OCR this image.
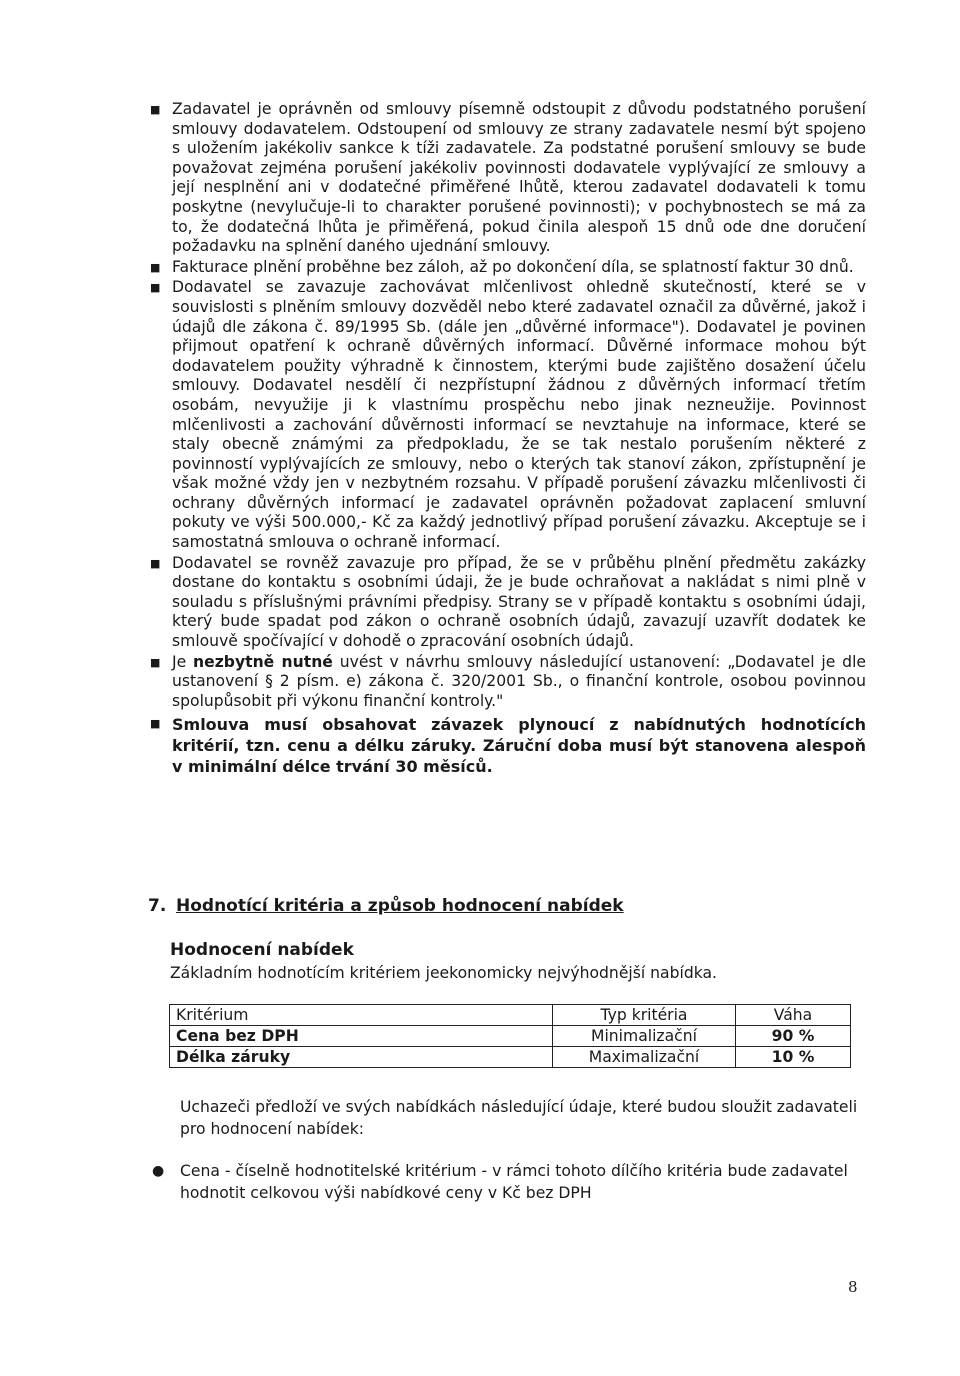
■ Zadavatel je oprávněn od smlouvy písemně odstoupit z důvodu podstatného porušení smlouvy dodavatelem. Odstoupení od smlouvy ze strany zadavatele nesmí být spojeno s uložením jakékoliv sankce k tíži zadavatele. Za podstatné porušení smlouvy se bude považovat zejména porušení jakékoliv povinnosti dodavatele vyplývající ze smlouvy a její nesplnění ani v dodatečné přiměřené lhůtě, kterou zadavatel dodavateli k tomu poskytne (nevylučuje-li to charakter porušené povinnosti); v pochybnostech se má za to, že dodatečná lhůta je přiměřená, pokud činila alespoň 15 dnů ode dne doručení požadavku na splnění daného ujednání smlouvy.
■ Fakturace plnění proběhne bez záloh, až po dokončení díla, se splatností faktur 30 dnů.
■ Dodavatel se zavazuje zachovávat mlčenlivost ohledně skutečností, které se v souvislosti s plněním smlouvy dozvěděl nebo které zadavatel označil za důvěrné, jakož i údajů dle zákona č. 89/1995 Sb. (dále jen „důvěrné informace"). Dodavatel je povinen přijmout opatření k ochraně důvěrných informací. Důvěrné informace mohou být dodavatelem použity výhradně k činnostem, kterými bude zajištěno dosažení účelu smlouvy. Dodavatel nesdělí či nezpřístupní žádnou z důvěrných informací třetím osobám, nevyužije ji k vlastnímu prospěchu nebo jinak nezneužije. Povinnost mlčenlivosti a zachování důvěrnosti informací se nevztahuje na informace, které se staly obecně známými za předpokladu, že se tak nestalo porušením některé z povinností vyplývajících ze smlouvy, nebo o kterých tak stanoví zákon, zpřístupnění je však možné vždy jen v nezbytném rozsahu. V případě porušení závazku mlčenlivosti či ochrany důvěrných informací je zadavatel oprávněn požadovat zaplacení smluvní pokuty ve výši 500.000,- Kč za každý jednotlivý případ porušení závazku. Akceptuje se i samostatná smlouva o ochraně informací.
■ Dodavatel se rovněž zavazuje pro případ, že se v průběhu plnění předmětu zakázky dostane do kontaktu s osobními údaji, že je bude ochraňovat a nakládat s nimi plně v souladu s příslušnými právními předpisy. Strany se v případě kontaktu s osobními údaji, který bude spadat pod zákon o ochraně osobních údajů, zavazují uzavřít dodatek ke smlouvě spočívající v dohodě o zpracování osobních údajů.
■ Je nezbytně nutné uvést v návrhu smlouvy následující ustanovení: „Dodavatel je dle ustanovení § 2 písm. e) zákona č. 320/2001 Sb., o finanční kontrole, osobou povinnou spolupůsobit při výkonu finanční kontroly."
■ Smlouva musí obsahovat závazek plynoucí z nabídnutých hodnotících kritérií, tzn. cenu a délku záruky. Záruční doba musí být stanovena alespoň v minimální délce trvání 30 měsíců.
7. Hodnotící kritéria a způsob hodnocení nabídek
Hodnocení nabídek
Základním hodnotícím kritériem jeekonomicky nejvýhodnější nabídka.
Kritérium	Typ kritéria	Váha
Cena bez DPH	Minimalizační	90 %
Délka záruky	Maximalizační	10 %
Uchazeči předloží ve svých nabídkách následující údaje, které budou sloužit zadavateli pro hodnocení nabídek:
● Cena - číselně hodnotitelské kritérium - v rámci tohoto dílčího kritéria bude zadavatel hodnotit celkovou výši nabídkové ceny v Kč bez DPH
8
